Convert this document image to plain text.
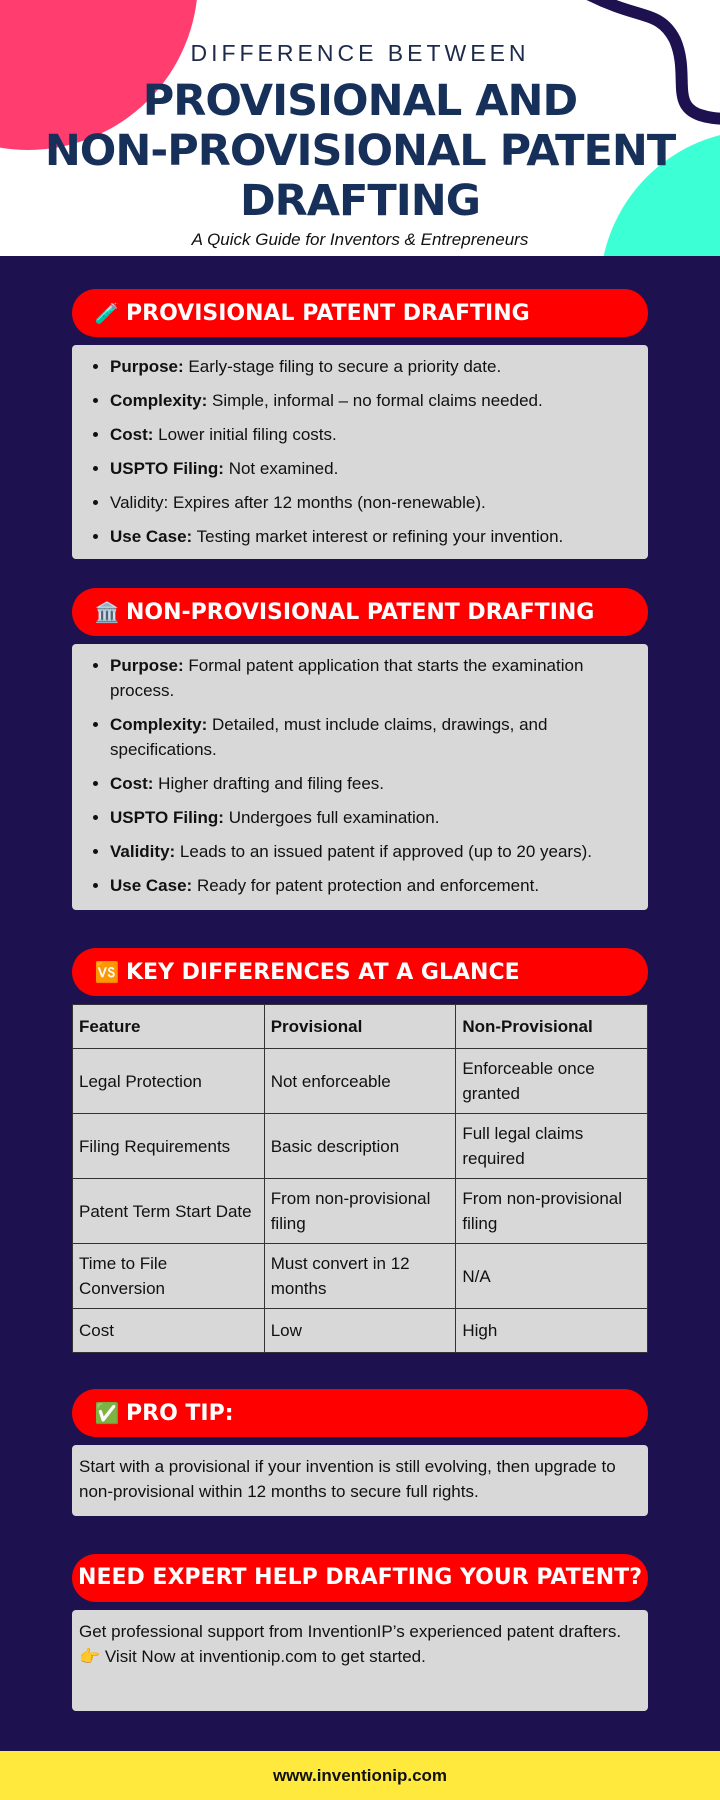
DIFFERENCE BETWEEN
PROVISIONAL AND
NON-PROVISIONAL PATENT
DRAFTING
A Quick Guide for Inventors & Entrepreneurs
🧪 PROVISIONAL PATENT DRAFTING
• Purpose: Early-stage filing to secure a priority date.
• Complexity: Simple, informal – no formal claims needed.
• Cost: Lower initial filing costs.
• USPTO Filing: Not examined.
• Validity: Expires after 12 months (non-renewable).
• Use Case: Testing market interest or refining your invention.
🏛️ NON-PROVISIONAL PATENT DRAFTING
• Purpose: Formal patent application that starts the examination process.
• Complexity: Detailed, must include claims, drawings, and specifications.
• Cost: Higher drafting and filing fees.
• USPTO Filing: Undergoes full examination.
• Validity: Leads to an issued patent if approved (up to 20 years).
• Use Case: Ready for patent protection and enforcement.
🆚 KEY DIFFERENCES AT A GLANCE
Feature	Provisional	Non-Provisional
Legal Protection	Not enforceable	Enforceable once granted
Filing Requirements	Basic description	Full legal claims required
Patent Term Start Date	From non-provisional filing	From non-provisional filing
Time to File Conversion	Must convert in 12 months	N/A
Cost	Low	High
✅ PRO TIP:
Start with a provisional if your invention is still evolving, then upgrade to non-provisional within 12 months to secure full rights.
NEED EXPERT HELP DRAFTING YOUR PATENT?
Get professional support from InventionIP’s experienced patent drafters.
👉 Visit Now at inventionip.com to get started.
www.inventionip.com
